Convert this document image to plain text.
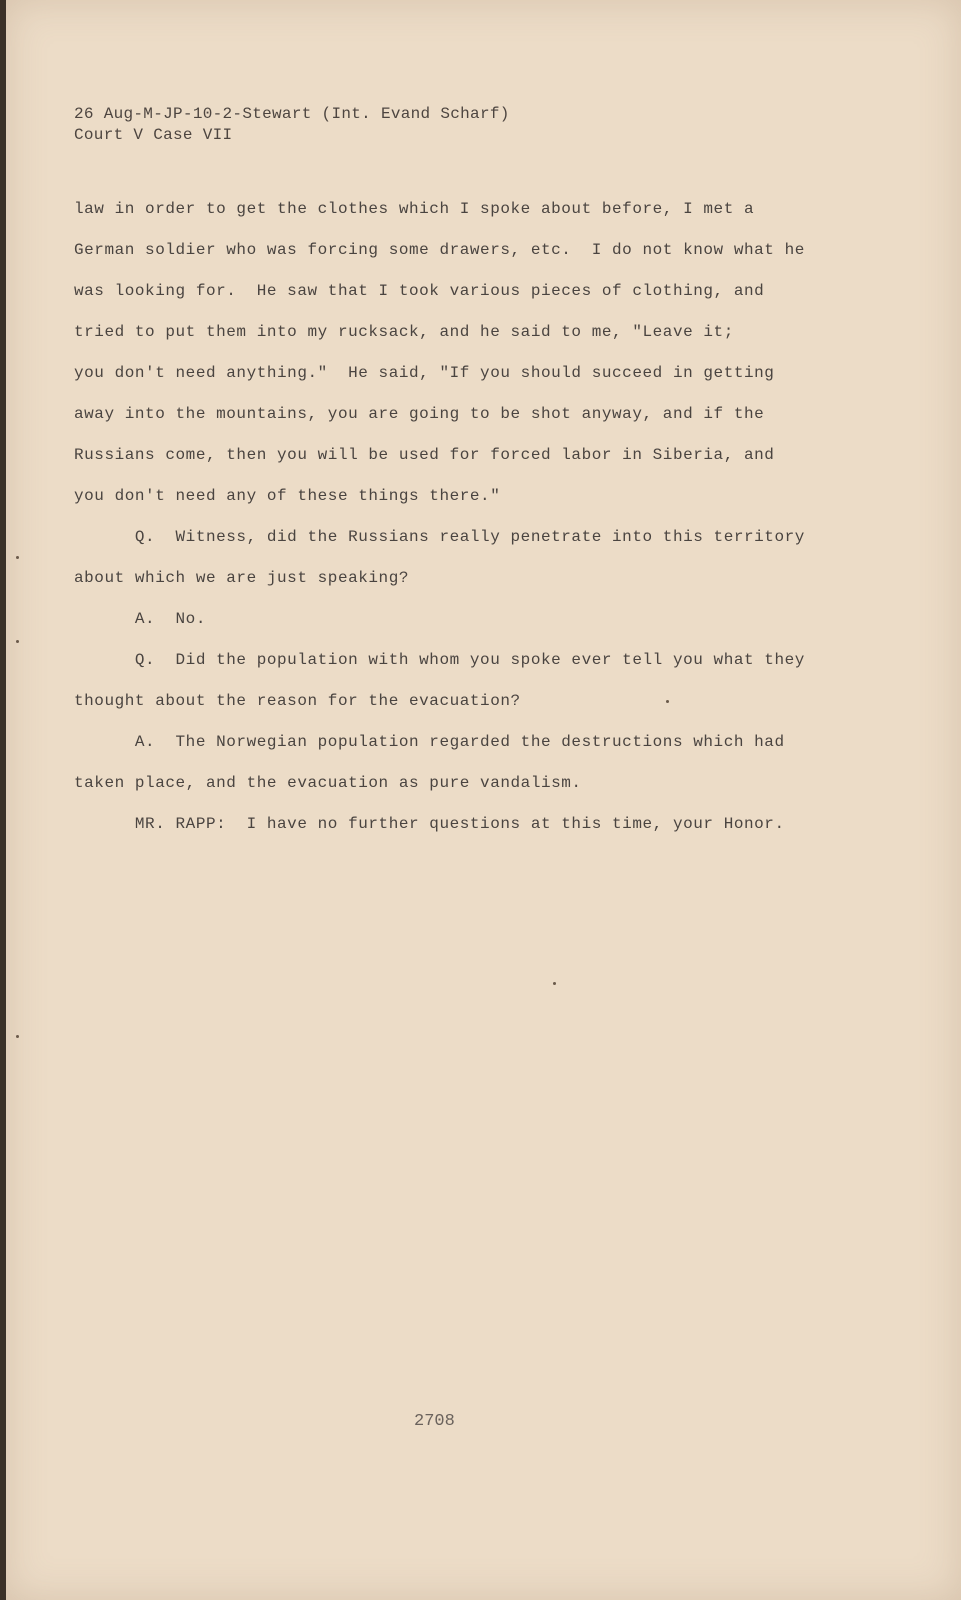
26 Aug-M-JP-10-2-Stewart (Int. Evand Scharf)
Court V Case VII
law in order to get the clothes which I spoke about before, I met a
German soldier who was forcing some drawers, etc.  I do not know what he
was looking for.  He saw that I took various pieces of clothing, and
tried to put them into my rucksack, and he said to me, "Leave it;
you don't need anything."  He said, "If you should succeed in getting
away into the mountains, you are going to be shot anyway, and if the
Russians come, then you will be used for forced labor in Siberia, and
you don't need any of these things there."
Q.  Witness, did the Russians really penetrate into this territory
about which we are just speaking?
A.  No.
Q.  Did the population with whom you spoke ever tell you what they
thought about the reason for the evacuation?
A.  The Norwegian population regarded the destructions which had
taken place, and the evacuation as pure vandalism.
MR. RAPP:  I have no further questions at this time, your Honor.
2708
